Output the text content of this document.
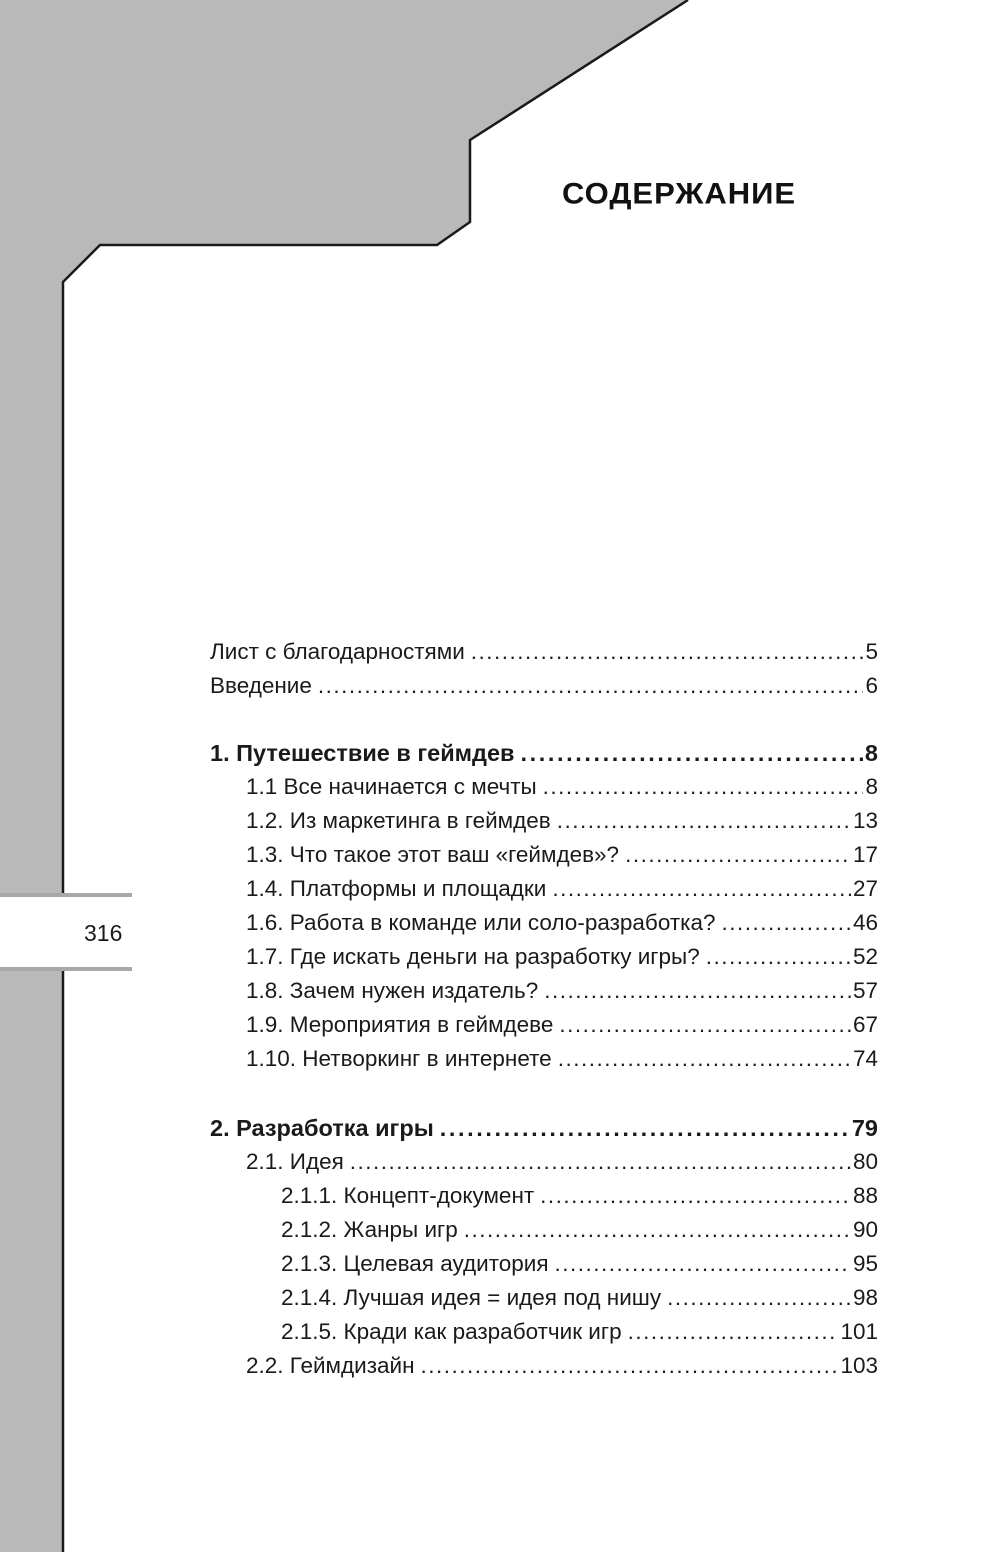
СОДЕРЖАНИЕ
316
Лист с благодарностями .....	5
Введение .....	6
1. Путешествие в геймдев .....	8
1.1 Все начинается с мечты .....	8
1.2. Из маркетинга в геймдев .....	13
1.3. Что такое этот ваш «геймдев»? .....	17
1.4. Платформы и площадки .....	27
1.6. Работа в команде или соло-разработка? .....	46
1.7. Где искать деньги на разработку игры? .....	52
1.8. Зачем нужен издатель? .....	57
1.9. Мероприятия в геймдеве .....	67
1.10. Нетворкинг в интернете .....	74
2. Разработка игры .....	79
2.1. Идея .....	80
2.1.1. Концепт-документ .....	88
2.1.2. Жанры игр .....	90
2.1.3. Целевая аудитория .....	95
2.1.4. Лучшая идея = идея под нишу .....	98
2.1.5. Кради как разработчик игр .....	101
2.2. Геймдизайн .....	103
